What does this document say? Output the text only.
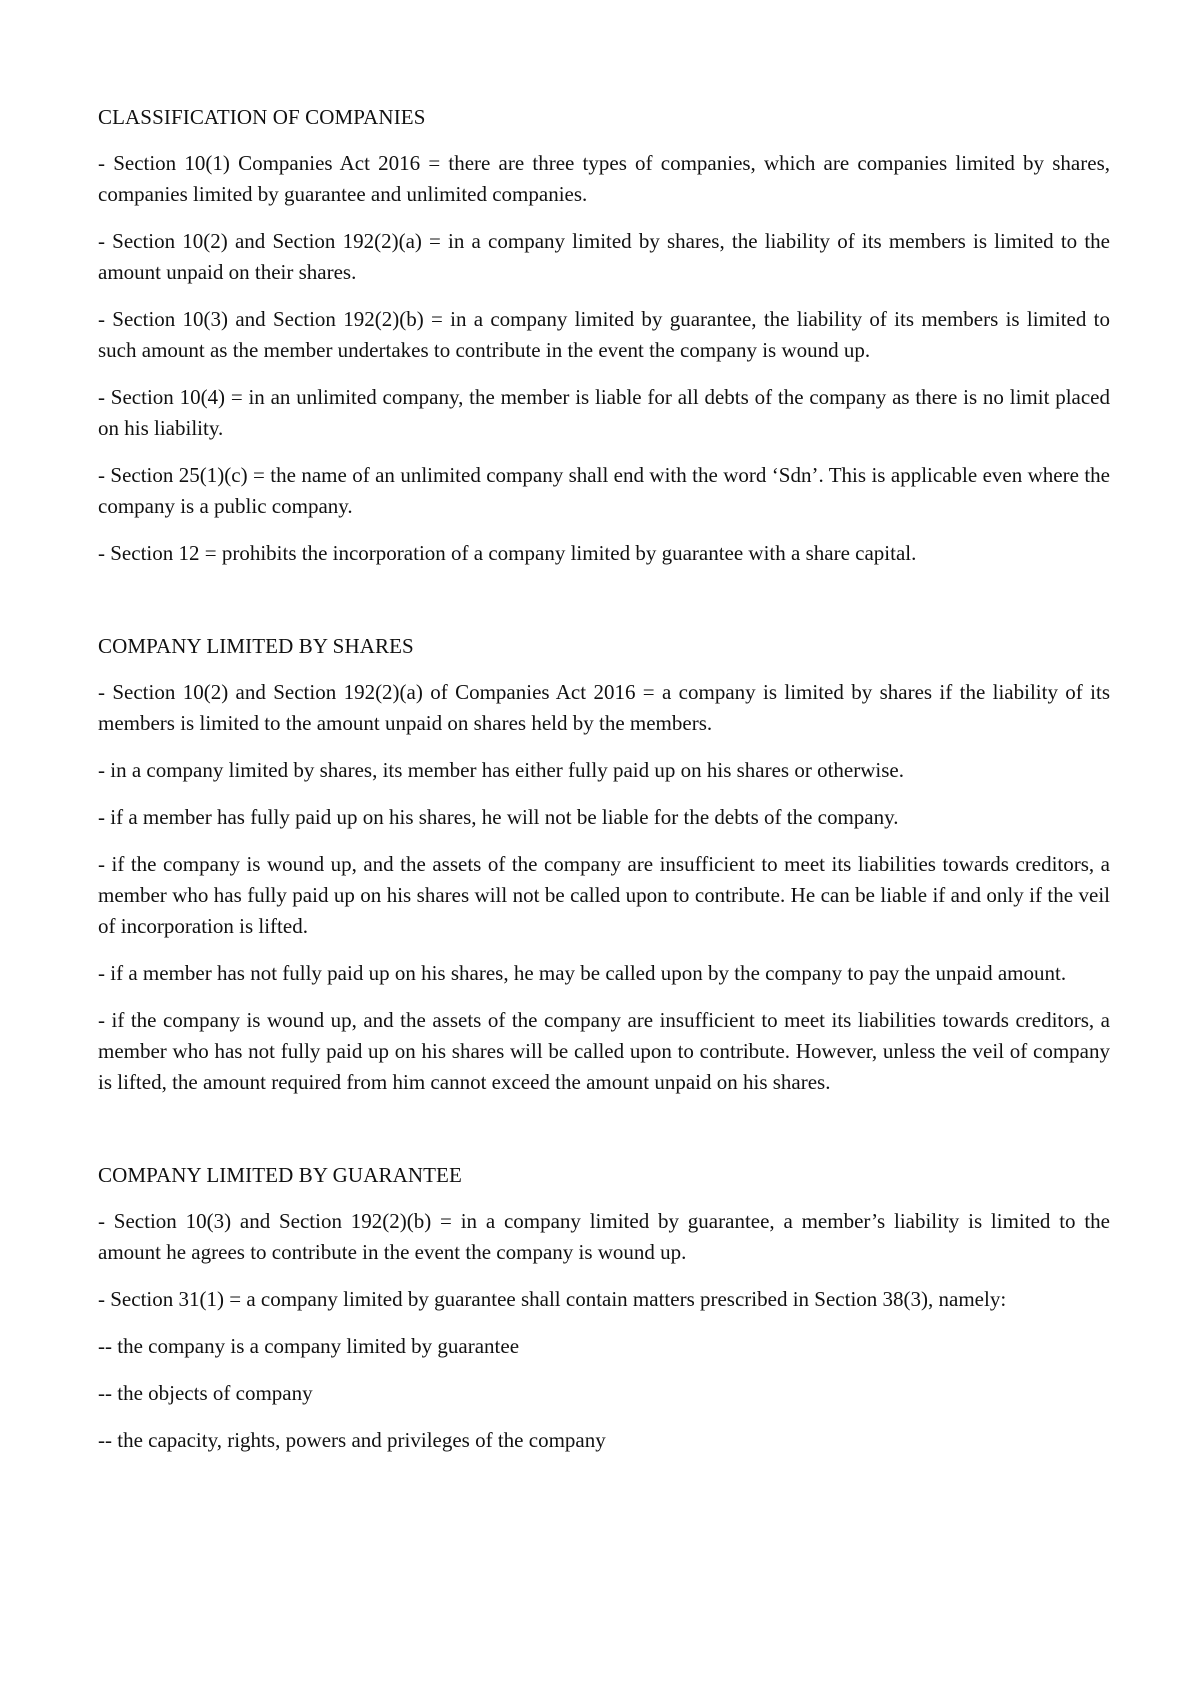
CLASSIFICATION OF COMPANIES

- Section 10(1) Companies Act 2016 = there are three types of companies, which are companies limited by shares, companies limited by guarantee and unlimited companies.

- Section 10(2) and Section 192(2)(a) = in a company limited by shares, the liability of its members is limited to the amount unpaid on their shares.

- Section 10(3) and Section 192(2)(b) = in a company limited by guarantee, the liability of its members is limited to such amount as the member undertakes to contribute in the event the company is wound up.

- Section 10(4) = in an unlimited company, the member is liable for all debts of the company as there is no limit placed on his liability.

- Section 25(1)(c) = the name of an unlimited company shall end with the word ‘Sdn’. This is applicable even where the company is a public company.

- Section 12 = prohibits the incorporation of a company limited by guarantee with a share capital.

COMPANY LIMITED BY SHARES

- Section 10(2) and Section 192(2)(a) of Companies Act 2016 = a company is limited by shares if the liability of its members is limited to the amount unpaid on shares held by the members.

- in a company limited by shares, its member has either fully paid up on his shares or otherwise.

- if a member has fully paid up on his shares, he will not be liable for the debts of the company.

- if the company is wound up, and the assets of the company are insufficient to meet its liabilities towards creditors, a member who has fully paid up on his shares will not be called upon to contribute. He can be liable if and only if the veil of incorporation is lifted.

- if a member has not fully paid up on his shares, he may be called upon by the company to pay the unpaid amount.

- if the company is wound up, and the assets of the company are insufficient to meet its liabilities towards creditors, a member who has not fully paid up on his shares will be called upon to contribute. However, unless the veil of company is lifted, the amount required from him cannot exceed the amount unpaid on his shares.

COMPANY LIMITED BY GUARANTEE

- Section 10(3) and Section 192(2)(b) = in a company limited by guarantee, a member’s liability is limited to the amount he agrees to contribute in the event the company is wound up.

- Section 31(1) = a company limited by guarantee shall contain matters prescribed in Section 38(3), namely:

-- the company is a company limited by guarantee

-- the objects of company

-- the capacity, rights, powers and privileges of the company
